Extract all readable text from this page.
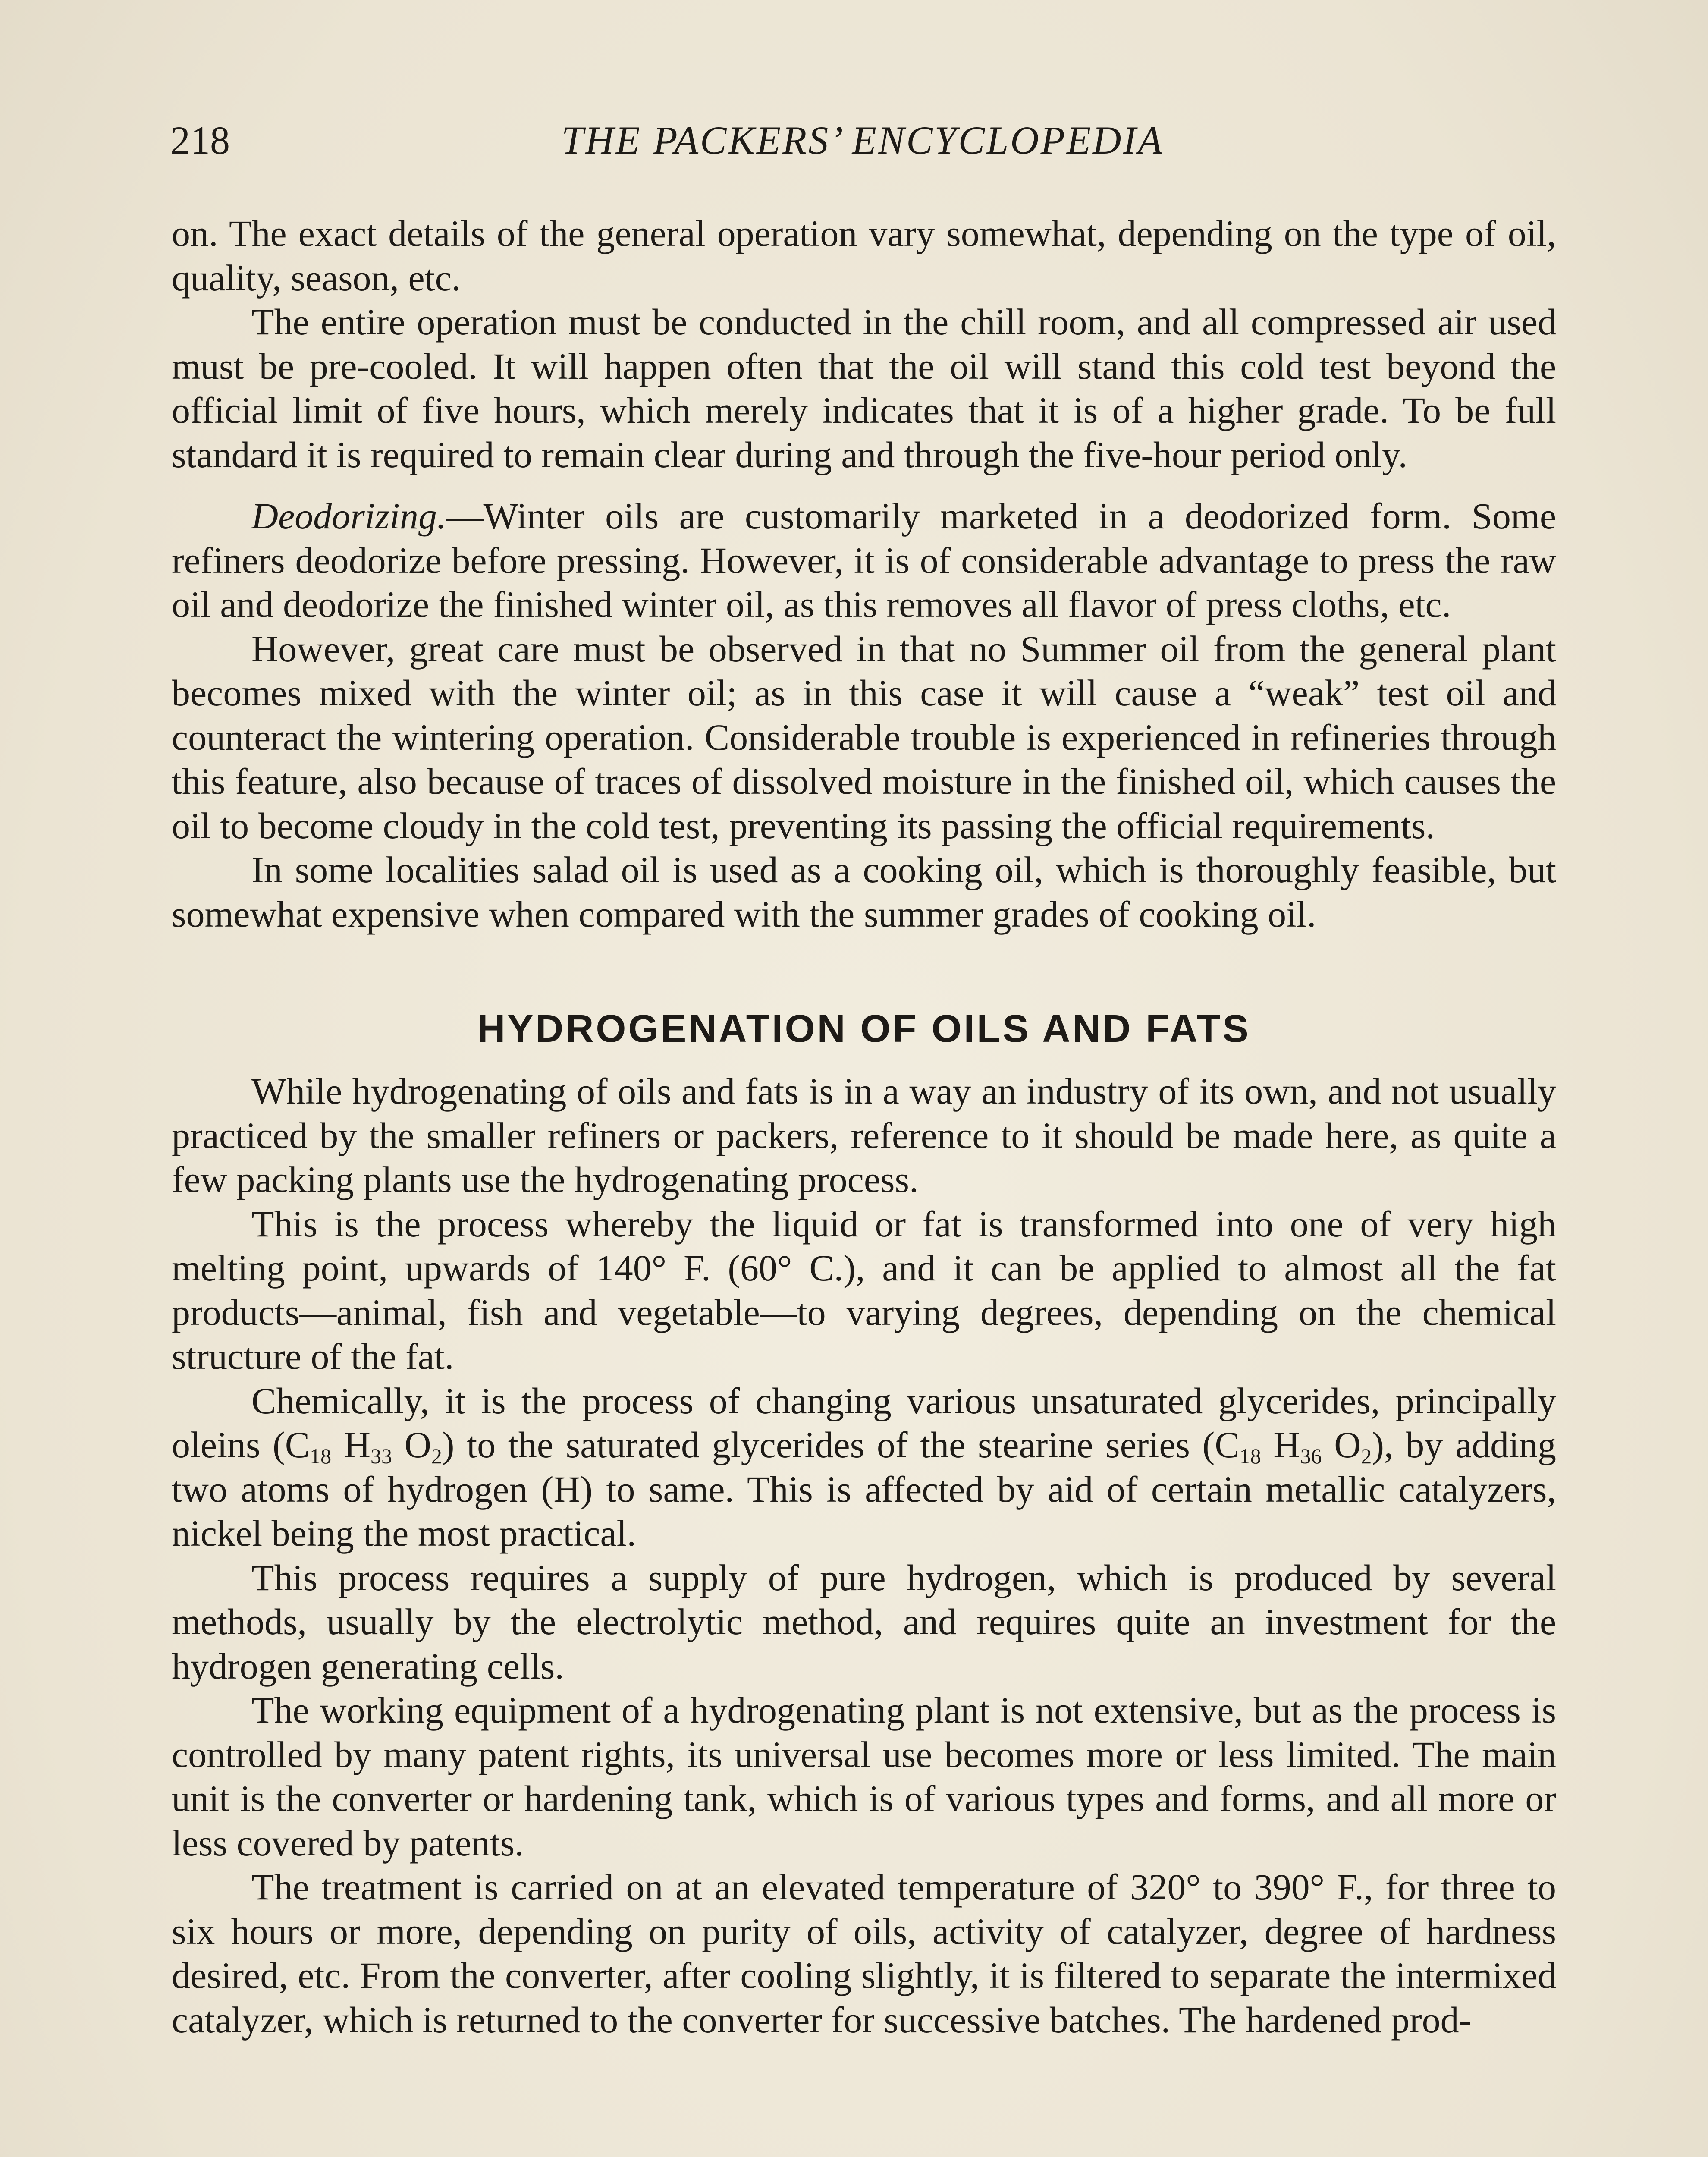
218	THE PACKERS’ ENCYCLOPEDIA

on. The exact details of the general operation vary somewhat, depending on the type of oil, quality, season, etc.

The entire operation must be conducted in the chill room, and all compressed air used must be pre-cooled. It will happen often that the oil will stand this cold test beyond the official limit of five hours, which merely indicates that it is of a higher grade. To be full standard it is required to remain clear during and through the five-hour period only.

Deodorizing.—Winter oils are customarily marketed in a deodorized form. Some refiners deodorize before pressing. However, it is of considerable advantage to press the raw oil and deodorize the finished winter oil, as this removes all flavor of press cloths, etc.

However, great care must be observed in that no Summer oil from the general plant becomes mixed with the winter oil; as in this case it will cause a “weak” test oil and counteract the wintering operation. Considerable trouble is experienced in refineries through this feature, also because of traces of dissolved moisture in the finished oil, which causes the oil to become cloudy in the cold test, preventing its passing the official requirements.

In some localities salad oil is used as a cooking oil, which is thoroughly feasible, but somewhat expensive when compared with the summer grades of cooking oil.

HYDROGENATION OF OILS AND FATS

While hydrogenating of oils and fats is in a way an industry of its own, and not usually practiced by the smaller refiners or packers, reference to it should be made here, as quite a few packing plants use the hydrogenating process.

This is the process whereby the liquid or fat is transformed into one of very high melting point, upwards of 140° F. (60° C.), and it can be applied to almost all the fat products—animal, fish and vegetable—to varying degrees, depending on the chemical structure of the fat.

Chemically, it is the process of changing various unsaturated glycerides, principally oleins ($C_{18}$ $H_{33}$ $O_2$) to the saturated glycerides of the stearine series ($C_{18}$ $H_{36}$ $O_2$), by adding two atoms of hydrogen (H) to same. This is affected by aid of certain metallic catalyzers, nickel being the most practical.

This process requires a supply of pure hydrogen, which is produced by several methods, usually by the electrolytic method, and requires quite an investment for the hydrogen generating cells.

The working equipment of a hydrogenating plant is not extensive, but as the process is controlled by many patent rights, its universal use becomes more or less limited. The main unit is the converter or hardening tank, which is of various types and forms, and all more or less covered by patents.

The treatment is carried on at an elevated temperature of 320° to 390° F., for three to six hours or more, depending on purity of oils, activity of catalyzer, degree of hardness desired, etc. From the converter, after cooling slightly, it is filtered to separate the intermixed catalyzer, which is returned to the converter for successive batches. The hardened prod-
